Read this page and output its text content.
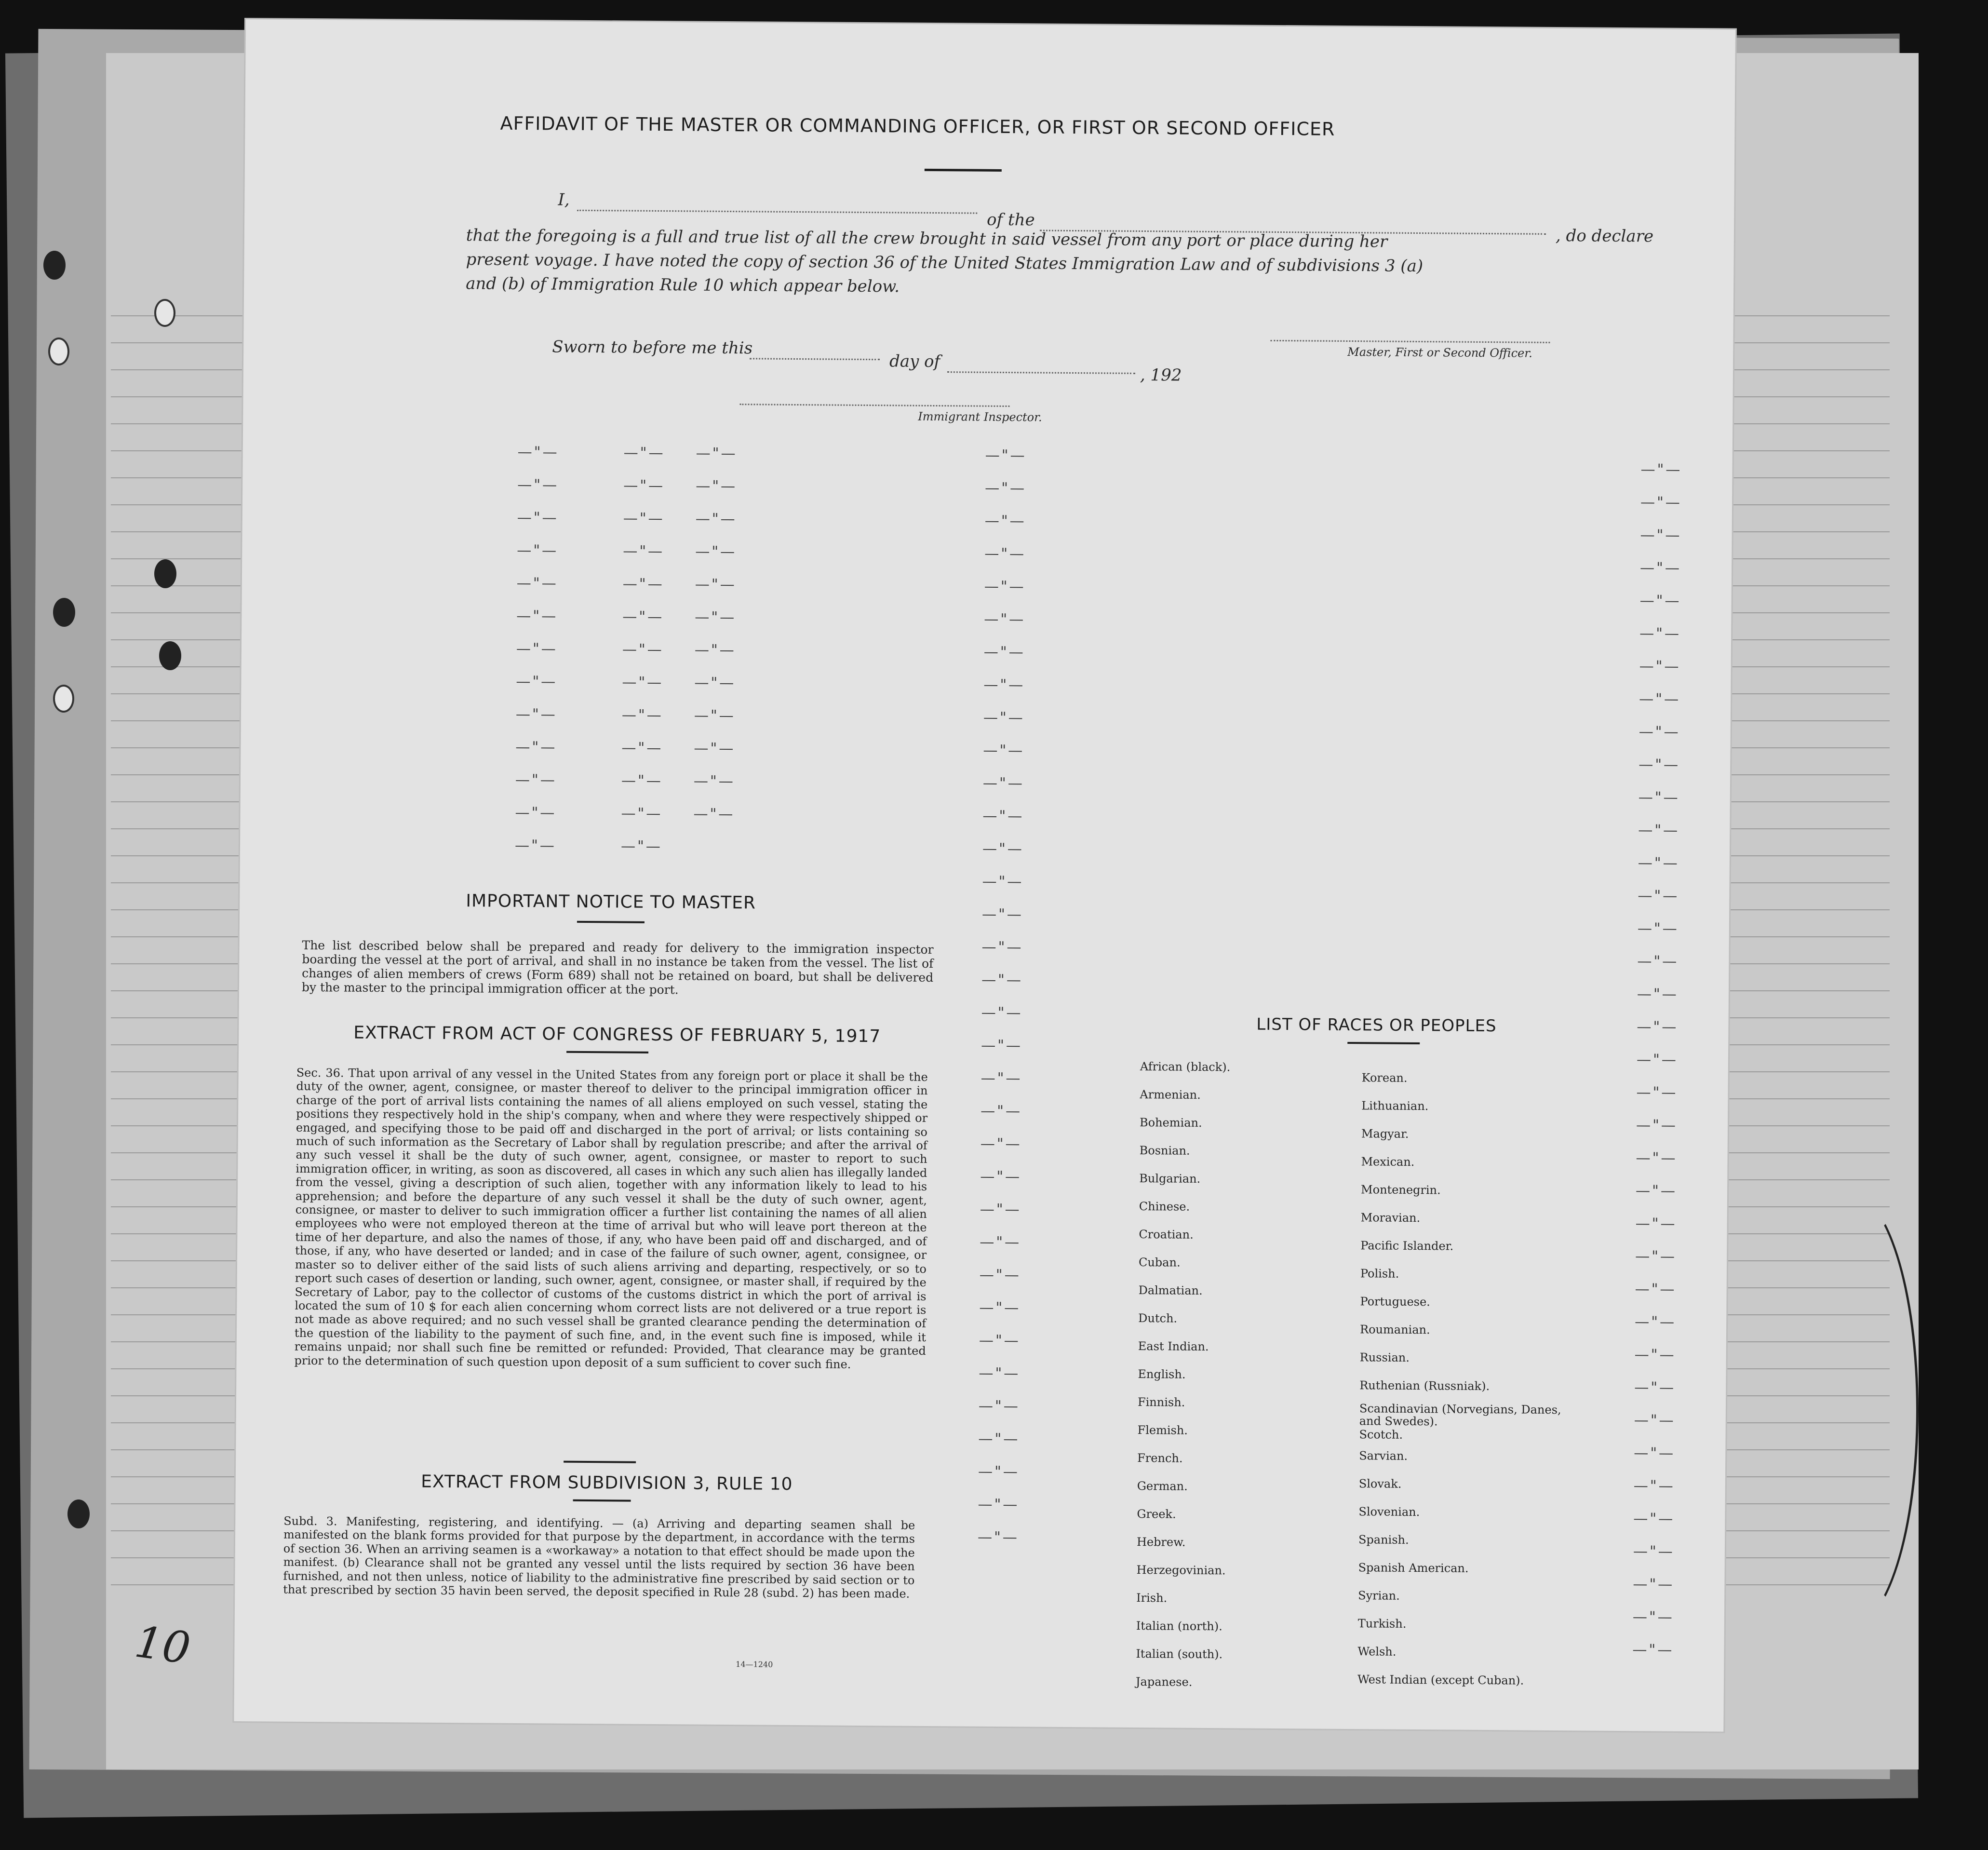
10
AFFIDAVIT OF THE MASTER OR COMMANDING OFFICER, OR FIRST OR SECOND OFFICER
I,
of the
that the foregoing is a full and true list of all the crew brought in said vessel from any port or place during her	, do declare
present voyage. I have noted the copy of section 36 of the United States Immigration Law and of subdivisions 3 (a)
and (b) of Immigration Rule 10 which appear below.
Sworn to before me this
day of
, 192
Master, First or Second Officer.
Immigrant Inspector.
—"—
—"—
—"—
—"—
—"—
—"—
—"—
—"—
—"—
—"—
—"—
—"—
—"—
—"—
—"—
—"—
—"—
—"—
—"—
—"—
—"—
—"—
—"—
—"—
—"—
—"—
—"—
—"—
—"—
—"—
—"—
—"—
—"—
—"—
—"—
—"—
—"—
—"—
—"—
—"—
—"—
—"—
—"—
—"—
—"—
—"—
—"—
—"—
—"—
—"—
—"—
—"—
—"—
—"—
—"—
—"—
—"—
—"—
—"—
—"—
—"—
—"—
—"—
—"—
—"—
—"—
—"—
—"—
—"—
—"—
—"—
—"—
—"—
—"—
—"—
—"—
—"—
—"—
—"—
—"—
—"—
—"—
—"—
—"—
—"—
—"—
—"—
—"—
—"—
—"—
—"—
—"—
—"—
—"—
—"—
—"—
—"—
—"—
—"—
—"—
—"—
—"—
—"—
—"—
—"—
—"—
—"—
—"—
—"—
IMPORTANT NOTICE TO MASTER
The list described below shall be prepared and ready for delivery to the immigration inspector boarding the vessel at the port of arrival, and shall in no instance be taken from the vessel. The list of changes of alien members of crews (Form 689) shall not be retained on board, but shall be delivered by the master to the principal immigration officer at the port.
EXTRACT FROM ACT OF CONGRESS OF FEBRUARY 5, 1917
Sec. 36. That upon arrival of any vessel in the United States from any foreign port or place it shall be the duty of the owner, agent, consignee, or master thereof to deliver to the principal immigration officer in charge of the port of arrival lists containing the names of all aliens employed on such vessel, stating the positions they respectively hold in the ship's company, when and where they were respectively shipped or engaged, and specifying those to be paid off and discharged in the port of arrival; or lists containing so much of such information as the Secretary of Labor shall by regulation prescribe; and after the arrival of any such vessel it shall be the duty of such owner, agent, consignee, or master to report to such immigration officer, in writing, as soon as discovered, all cases in which any such alien has illegally landed from the vessel, giving a description of such alien, together with any information likely to lead to his apprehension; and before the departure of any such vessel it shall be the duty of such owner, agent, consignee, or master to deliver to such immigration officer a further list containing the names of all alien employees who were not employed thereon at the time of arrival but who will leave port thereon at the time of her departure, and also the names of those, if any, who have been paid off and discharged, and of those, if any, who have deserted or landed; and in case of the failure of such owner, agent, consignee, or master so to deliver either of the said lists of such aliens arriving and departing, respectively, or so to report such cases of desertion or landing, such owner, agent, consignee, or master shall, if required by the Secretary of Labor, pay to the collector of customs of the customs district in which the port of arrival is located the sum of 10 $ for each alien concerning whom correct lists are not delivered or a true report is not made as above required; and no such vessel shall be granted clearance pending the determination of the question of the liability to the payment of such fine, and, in the event such fine is imposed, while it remains unpaid; nor shall such fine be remitted or refunded: Provided, That clearance may be granted prior to the determination of such question upon deposit of a sum sufficient to cover such fine.
EXTRACT FROM SUBDIVISION 3, RULE 10
Subd. 3. Manifesting, registering, and identifying. — (a) Arriving and departing seamen shall be manifested on the blank forms provided for that purpose by the department, in accordance with the terms of section 36. When an arriving seamen is a «workaway» a notation to that effect should be made upon the manifest. (b) Clearance shall not be granted any vessel until the lists required by section 36 have been furnished, and not then unless, notice of liability to the administrative fine prescribed by said section or to that prescribed by section 35 havin been served, the deposit specified in Rule 28 (subd. 2) has been made.
14—1240
LIST OF RACES OR PEOPLES
African (black).
Armenian.
Bohemian.
Bosnian.
Bulgarian.
Chinese.
Croatian.
Cuban.
Dalmatian.
Dutch.
East Indian.
English.
Finnish.
Flemish.
French.
German.
Greek.
Hebrew.
Herzegovinian.
Irish.
Italian (north).
Italian (south).
Japanese.
Korean.
Lithuanian.
Magyar.
Mexican.
Montenegrin.
Moravian.
Pacific Islander.
Polish.
Portuguese.
Roumanian.
Russian.
Ruthenian (Russniak).
Scandinavian (Norvegians, Danes, and Swedes).
Scotch.
Sarvian.
Slovak.
Slovenian.
Spanish.
Spanish American.
Syrian.
Turkish.
Welsh.
West Indian (except Cuban).
